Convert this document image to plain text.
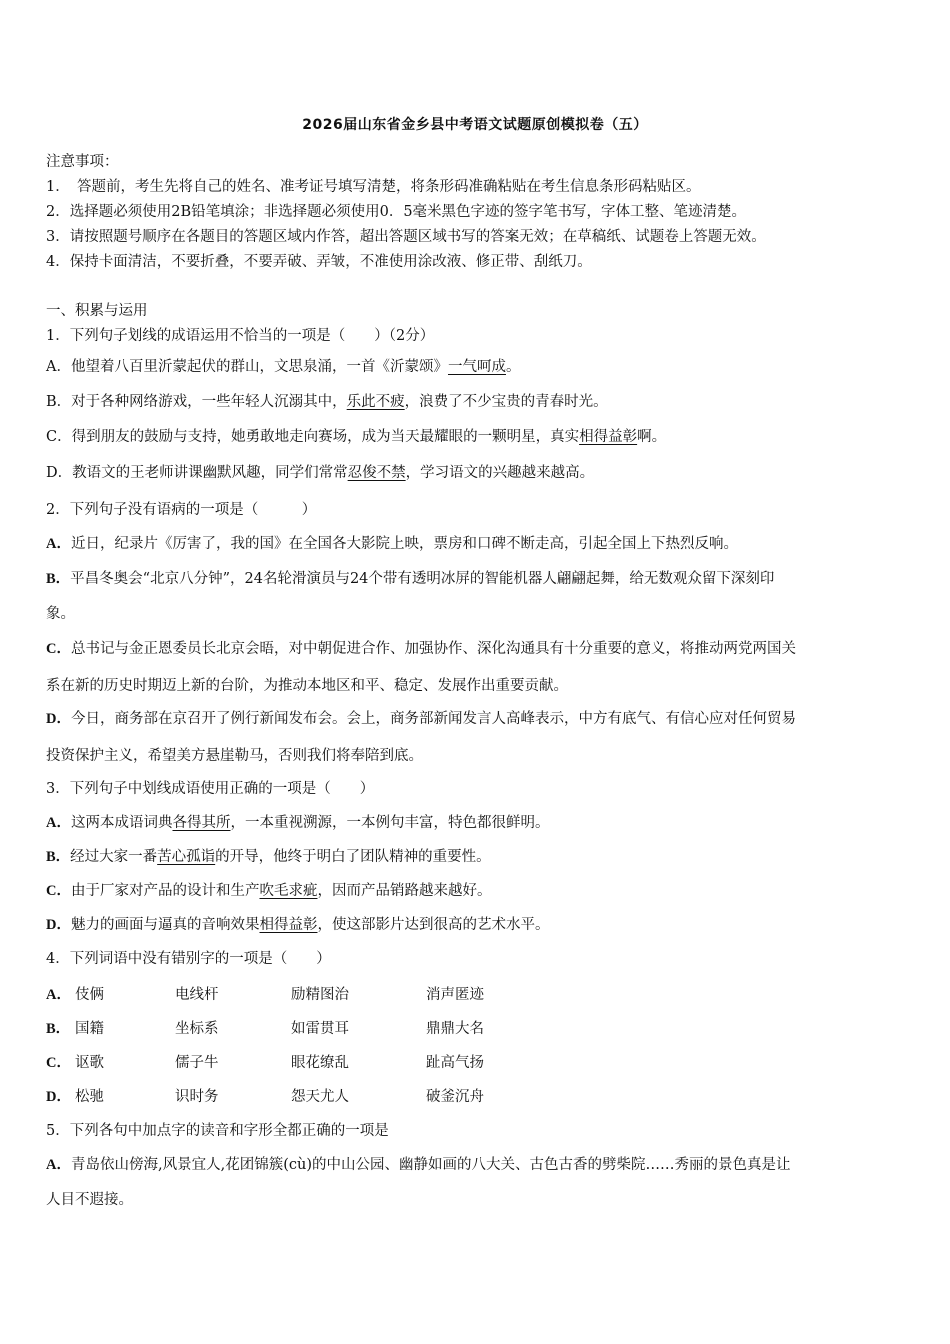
2026届山东省金乡县中考语文试题原创模拟卷（五）
注意事项：
1．　答题前，考生先将自己的姓名、准考证号填写清楚，将条形码准确粘贴在考生信息条形码粘贴区。
2．选择题必须使用2B铅笔填涂；非选择题必须使用0．5毫米黑色字迹的签字笔书写，字体工整、笔迹清楚。
3．请按照题号顺序在各题目的答题区域内作答，超出答题区域书写的答案无效；在草稿纸、试题卷上答题无效。
4．保持卡面清洁，不要折叠，不要弄破、弄皱，不准使用涂改液、修正带、刮纸刀。
一、积累与运用
1．下列句子划线的成语运用不恰当的一项是（　　）（2分）
A．他望着八百里沂蒙起伏的群山，文思泉涌，一首《沂蒙颂》一气呵成。
B．对于各种网络游戏，一些年轻人沉溺其中，乐此不疲，浪费了不少宝贵的青春时光。
C．得到朋友的鼓励与支持，她勇敢地走向赛场，成为当天最耀眼的一颗明星，真实相得益彰啊。
D．教语文的王老师讲课幽默风趣，同学们常常忍俊不禁，学习语文的兴趣越来越高。
2．下列句子没有语病的一项是（　　　）
A．近日，纪录片《厉害了，我的国》在全国各大影院上映，票房和口碑不断走高，引起全国上下热烈反响。
B．平昌冬奥会“北京八分钟”，24名轮滑演员与24个带有透明冰屏的智能机器人翩翩起舞，给无数观众留下深刻印
象。
C．总书记与金正恩委员长北京会晤，对中朝促进合作、加强协作、深化沟通具有十分重要的意义，将推动两党两国关
系在新的历史时期迈上新的台阶，为推动本地区和平、稳定、发展作出重要贡献。
D．今日，商务部在京召开了例行新闻发布会。会上，商务部新闻发言人高峰表示，中方有底气、有信心应对任何贸易
投资保护主义，希望美方悬崖勒马，否则我们将奉陪到底。
3．下列句子中划线成语使用正确的一项是（　　）
A．这两本成语词典各得其所，一本重视溯源，一本例句丰富，特色都很鲜明。
B．经过大家一番苦心孤诣的开导，他终于明白了团队精神的重要性。
C．由于厂家对产品的设计和生产吹毛求疵，因而产品销路越来越好。
D．魅力的画面与逼真的音响效果相得益彰，使这部影片达到很高的艺术水平。
4．下列词语中没有错别字的一项是（　　）
A． 伎俩	电线杆	励精图治	消声匿迹
B． 国籍	坐标系	如雷贯耳	鼎鼎大名
C． 讴歌	儒子牛	眼花缭乱	趾高气扬
D． 松驰	识时务	怨天尤人	破釜沉舟
5．下列各句中加点字的读音和字形全都正确的一项是
A．青岛依山傍海,风景宜人,花团锦簇(cù)的中山公园、幽静如画的八大关、古色古香的劈柴院……秀丽的景色真是让
人目不遐接。
